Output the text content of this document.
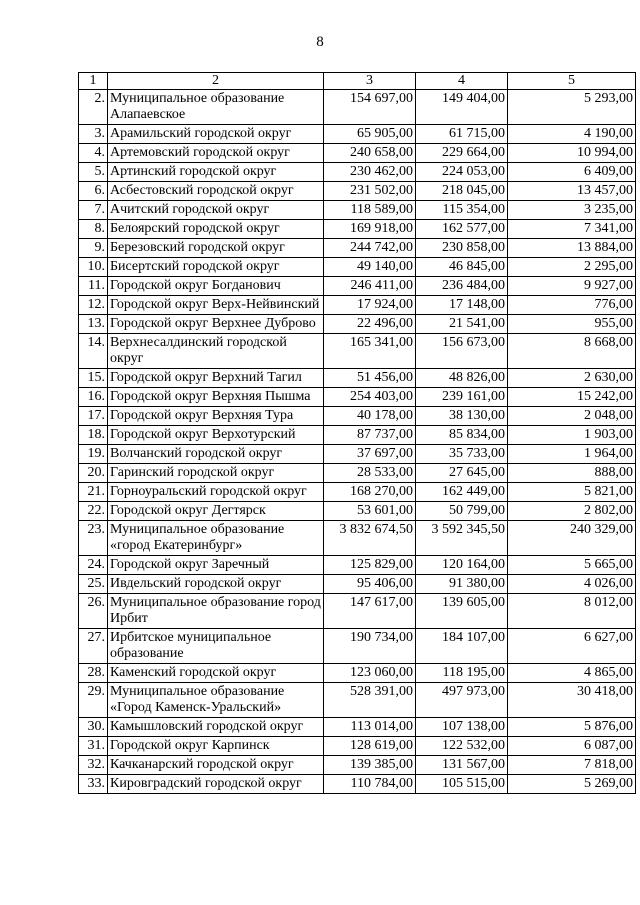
8
1	2	3	4	5
2.	Муниципальное образование Алапаевское	154 697,00	149 404,00	5 293,00
3.	Арамильский городской округ	65 905,00	61 715,00	4 190,00
4.	Артемовский городской округ	240 658,00	229 664,00	10 994,00
5.	Артинский городской округ	230 462,00	224 053,00	6 409,00
6.	Асбестовский городской округ	231 502,00	218 045,00	13 457,00
7.	Ачитский городской округ	118 589,00	115 354,00	3 235,00
8.	Белоярский городской округ	169 918,00	162 577,00	7 341,00
9.	Березовский городской округ	244 742,00	230 858,00	13 884,00
10.	Бисертский городской округ	49 140,00	46 845,00	2 295,00
11.	Городской округ Богданович	246 411,00	236 484,00	9 927,00
12.	Городской округ Верх-Нейвинский	17 924,00	17 148,00	776,00
13.	Городской округ Верхнее Дуброво	22 496,00	21 541,00	955,00
14.	Верхнесалдинский городской округ	165 341,00	156 673,00	8 668,00
15.	Городской округ Верхний Тагил	51 456,00	48 826,00	2 630,00
16.	Городской округ Верхняя Пышма	254 403,00	239 161,00	15 242,00
17.	Городской округ Верхняя Тура	40 178,00	38 130,00	2 048,00
18.	Городской округ Верхотурский	87 737,00	85 834,00	1 903,00
19.	Волчанский городской округ	37 697,00	35 733,00	1 964,00
20.	Гаринский городской округ	28 533,00	27 645,00	888,00
21.	Горноуральский городской округ	168 270,00	162 449,00	5 821,00
22.	Городской округ Дегтярск	53 601,00	50 799,00	2 802,00
23.	Муниципальное образование «город Екатеринбург»	3 832 674,50	3 592 345,50	240 329,00
24.	Городской округ Заречный	125 829,00	120 164,00	5 665,00
25.	Ивдельский городской округ	95 406,00	91 380,00	4 026,00
26.	Муниципальное образование город Ирбит	147 617,00	139 605,00	8 012,00
27.	Ирбитское муниципальное образование	190 734,00	184 107,00	6 627,00
28.	Каменский городской округ	123 060,00	118 195,00	4 865,00
29.	Муниципальное образование «Город Каменск-Уральский»	528 391,00	497 973,00	30 418,00
30.	Камышловский городской округ	113 014,00	107 138,00	5 876,00
31.	Городской округ Карпинск	128 619,00	122 532,00	6 087,00
32.	Качканарский городской округ	139 385,00	131 567,00	7 818,00
33.	Кировградский городской округ	110 784,00	105 515,00	5 269,00
